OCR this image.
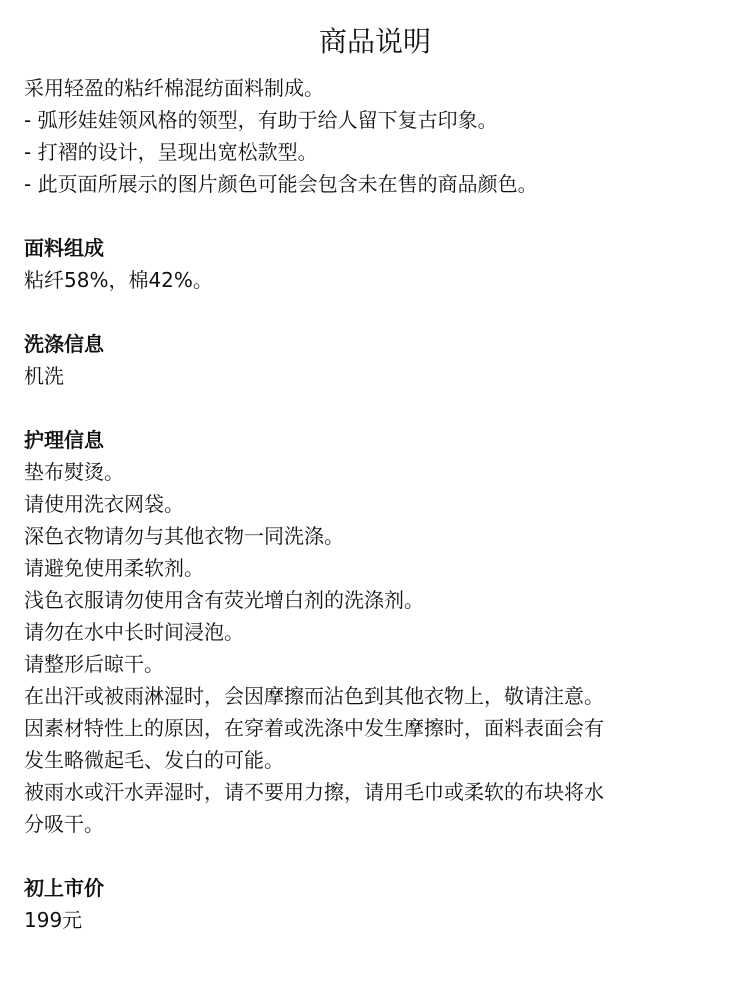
商品说明

采用轻盈的粘纤棉混纺面料制成。

- 弧形娃娃领风格的领型，有助于给人留下复古印象。

- 打褶的设计，呈现出宽松款型。

- 此页面所展示的图片颜色可能会包含未在售的商品颜色。

面料组成

粘纤58%，棉42%。

洗涤信息

机洗

护理信息

垫布熨烫。

请使用洗衣网袋。

深色衣物请勿与其他衣物一同洗涤。

请避免使用柔软剂。

浅色衣服请勿使用含有荧光增白剂的洗涤剂。

请勿在水中长时间浸泡。

请整形后晾干。

在出汗或被雨淋湿时，会因摩擦而沾色到其他衣物上，敬请注意。

因素材特性上的原因，在穿着或洗涤中发生摩擦时，面料表面会有

发生略微起毛、发白的可能。

被雨水或汗水弄湿时，请不要用力擦，请用毛巾或柔软的布块将水

分吸干。

初上市价

199元
